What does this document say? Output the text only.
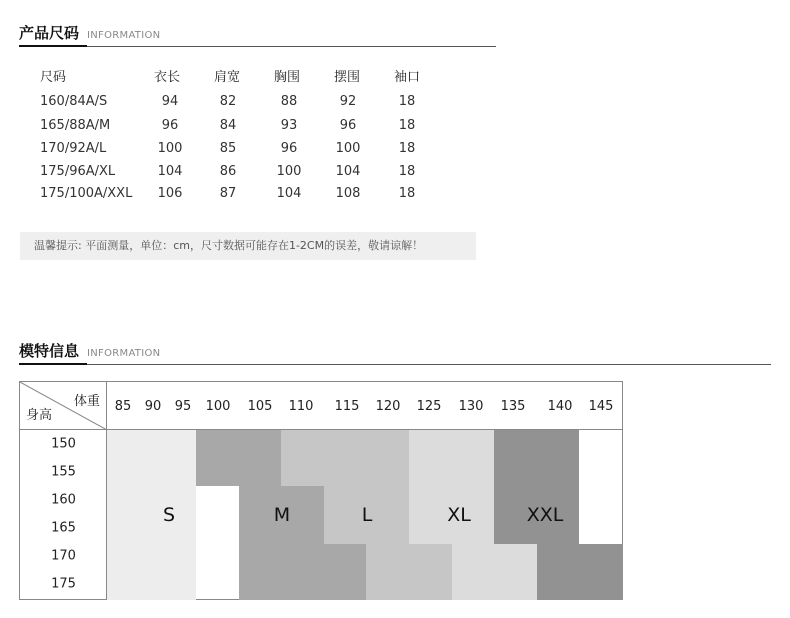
产品尺码 INFORMATION
尺码	衣长	肩宽	胸围	摆围	袖口
160/84A/S	94	82	88	92	18
165/88A/M	96	84	93	96	18
170/92A/L	100	85	96	100	18
175/96A/XL	104	86	100	104	18
175/100A/XXL 106	87	104	108	18
温馨提示: 平面测量，单位：cm，尺寸数据可能存在1-2CM的误差，敬请谅解！
模特信息 INFORMATION
体重
身高
85 90 95 100 105 110 115 120 125 130 135 140 145
150
155
160
165
170
175
S	M	L	XL	XXL
